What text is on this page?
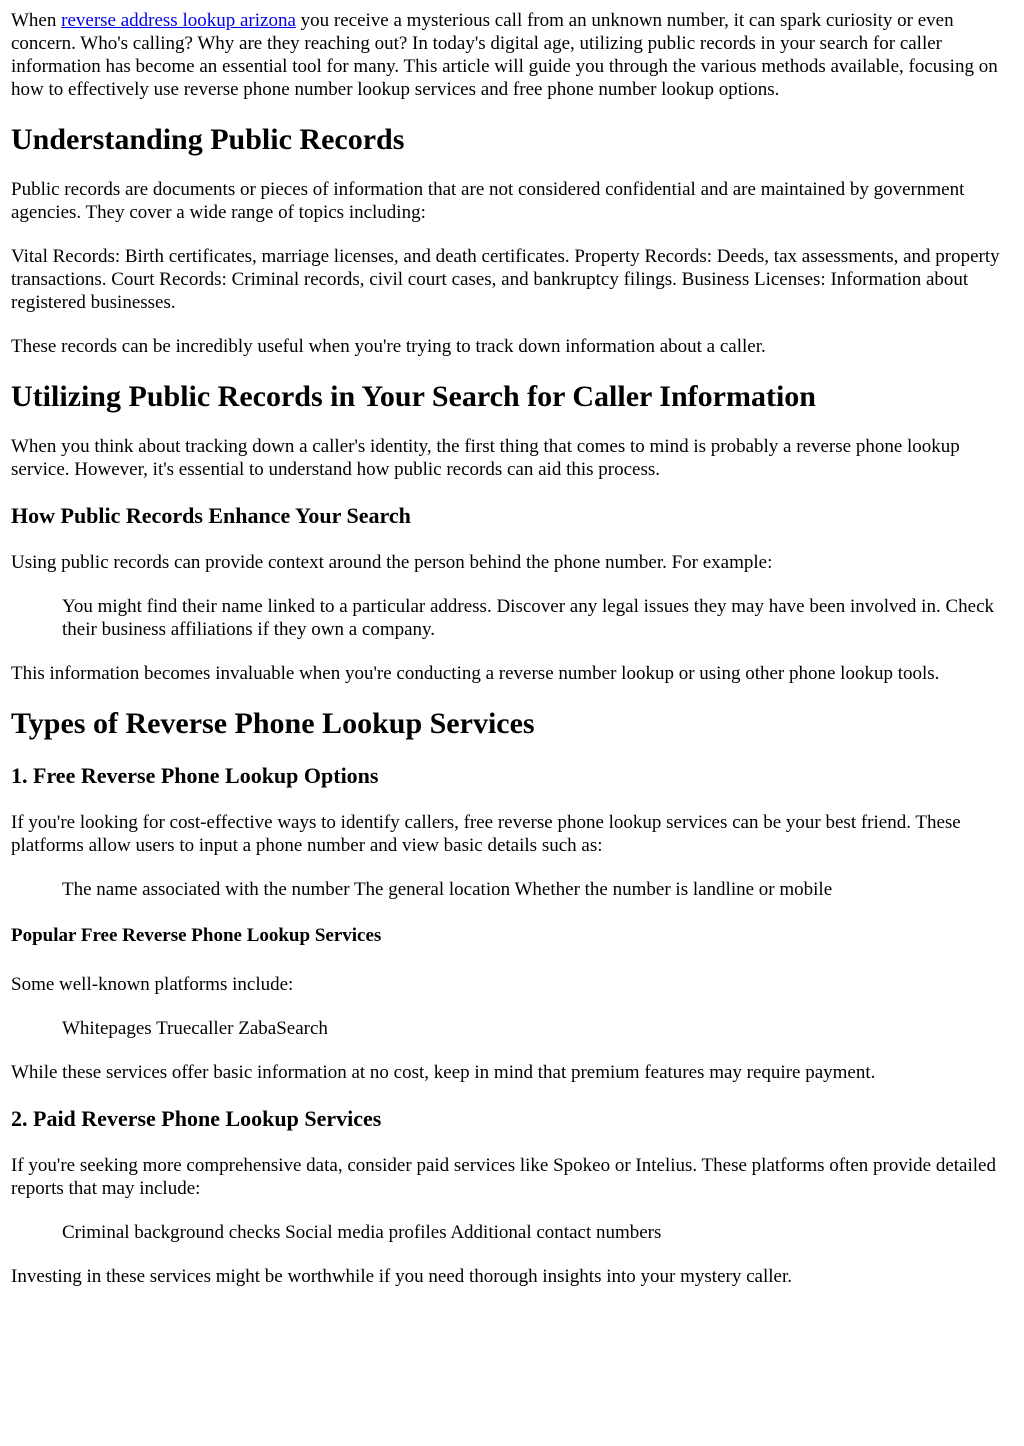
When reverse address lookup arizona you receive a mysterious call from an unknown number, it can spark curiosity or even concern. Who's calling? Why are they reaching out? In today's digital age, utilizing public records in your search for caller information has become an essential tool for many. This article will guide you through the various methods available, focusing on how to effectively use reverse phone number lookup services and free phone number lookup options.

Understanding Public Records

Public records are documents or pieces of information that are not considered confidential and are maintained by government agencies. They cover a wide range of topics including:

Vital Records: Birth certificates, marriage licenses, and death certificates. Property Records: Deeds, tax assessments, and property transactions. Court Records: Criminal records, civil court cases, and bankruptcy filings. Business Licenses: Information about registered businesses.

These records can be incredibly useful when you're trying to track down information about a caller.

Utilizing Public Records in Your Search for Caller Information

When you think about tracking down a caller's identity, the first thing that comes to mind is probably a reverse phone lookup service. However, it's essential to understand how public records can aid this process.

How Public Records Enhance Your Search

Using public records can provide context around the person behind the phone number. For example:

You might find their name linked to a particular address. Discover any legal issues they may have been involved in. Check their business affiliations if they own a company.

This information becomes invaluable when you're conducting a reverse number lookup or using other phone lookup tools.

Types of Reverse Phone Lookup Services
1. Free Reverse Phone Lookup Options

If you're looking for cost-effective ways to identify callers, free reverse phone lookup services can be your best friend. These platforms allow users to input a phone number and view basic details such as:

The name associated with the number The general location Whether the number is landline or mobile
Popular Free Reverse Phone Lookup Services

Some well-known platforms include:

Whitepages Truecaller ZabaSearch

While these services offer basic information at no cost, keep in mind that premium features may require payment.

2. Paid Reverse Phone Lookup Services

If you're seeking more comprehensive data, consider paid services like Spokeo or Intelius. These platforms often provide detailed reports that may include:

Criminal background checks Social media profiles Additional contact numbers

Investing in these services might be worthwhile if you need thorough insights into your mystery caller.
